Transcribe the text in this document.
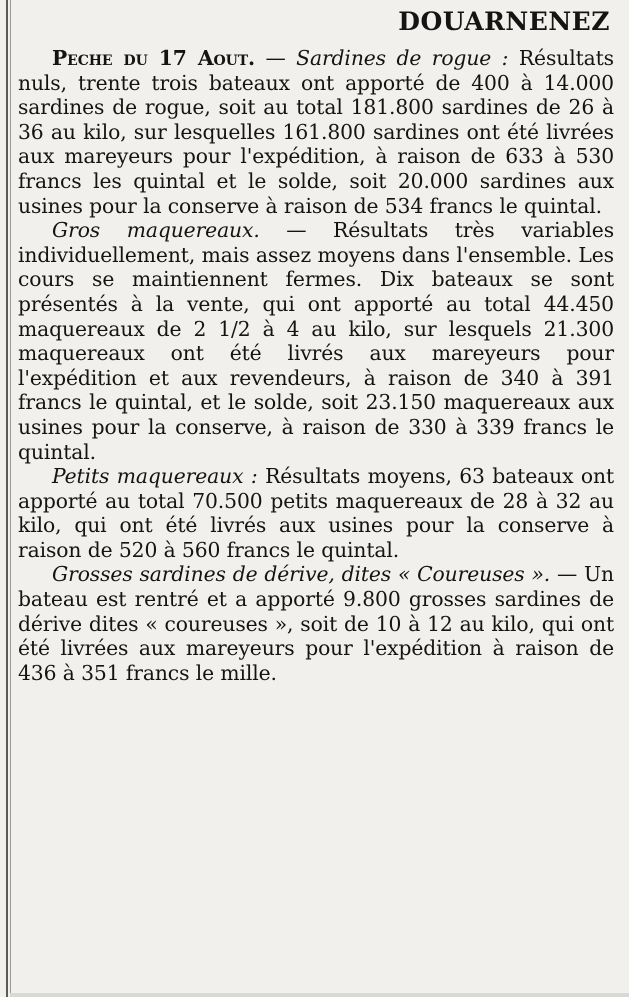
DOUARNENEZ

Peche du 17 Aout. — Sardines de rogue : Résultats nuls, trente trois bateaux ont apporté de 400 à 14.000 sardines de rogue, soit au total 181.800 sardines de 26 à 36 au kilo, sur lesquelles 161.800 sardines ont été livrées aux mareyeurs pour l'expédition, à raison de 633 à 530 francs les quintal et le solde, soit 20.000 sardines aux usines pour la conserve à raison de 534 francs le quintal.

Gros maquereaux. — Résultats très variables individuellement, mais assez moyens dans l'ensemble. Les cours se maintiennent fermes. Dix bateaux se sont présentés à la vente, qui ont apporté au total 44.450 maquereaux de 2 1/2 à 4 au kilo, sur lesquels 21.300 maquereaux ont été livrés aux mareyeurs pour l'expédition et aux revendeurs, à raison de 340 à 391 francs le quintal, et le solde, soit 23.150 maquereaux aux usines pour la conserve, à raison de 330 à 339 francs le quintal.

Petits maquereaux : Résultats moyens, 63 bateaux ont apporté au total 70.500 petits maquereaux de 28 à 32 au kilo, qui ont été livrés aux usines pour la conserve à raison de 520 à 560 francs le quintal.

Grosses sardines de dérive, dites « Coureuses ». — Un bateau est rentré et a apporté 9.800 grosses sardines de dérive dites « coureuses », soit de 10 à 12 au kilo, qui ont été livrées aux mareyeurs pour l'expédition à raison de 436 à 351 francs le mille.
